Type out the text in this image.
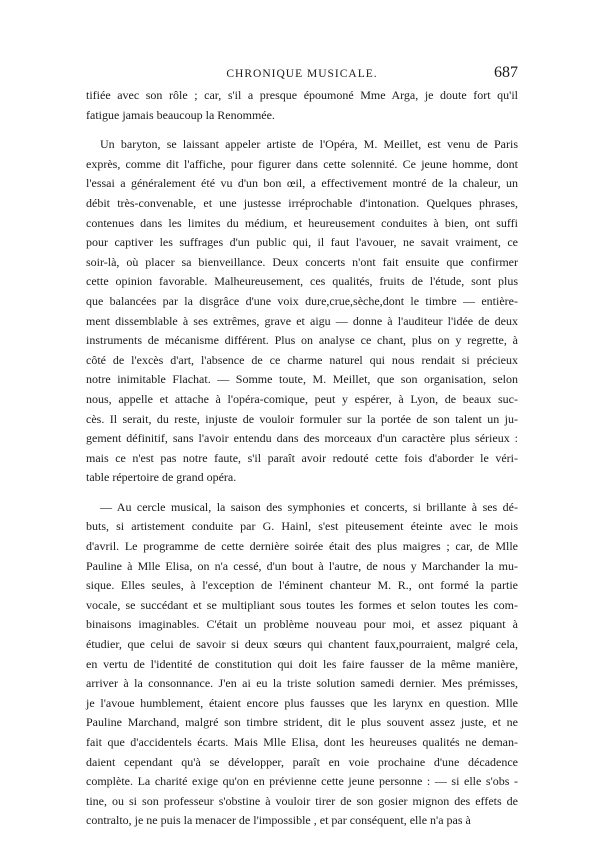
CHRONIQUE MUSICALE.	687

tifiée avec son rôle ; car, s'il a presque époumoné Mme Arga, je doute fort qu'il
fatigue jamais beaucoup la Renommée.

Un baryton, se laissant appeler artiste de l'Opéra, M. Meillet, est venu de Paris
exprès, comme dit l'affiche, pour figurer dans cette solennité. Ce jeune homme, dont
l'essai a généralement été vu d'un bon œil, a effectivement montré de la chaleur, un
débit très-convenable, et une justesse irréprochable d'intonation. Quelques phrases,
contenues dans les limites du médium, et heureusement conduites à bien, ont suffi
pour captiver les suffrages d'un public qui, il faut l'avouer, ne savait vraiment, ce
soir-là, où placer sa bienveillance. Deux concerts n'ont fait ensuite que confirmer
cette opinion favorable. Malheureusement, ces qualités, fruits de l'étude, sont plus
que balancées par la disgrâce d'une voix dure,crue,sèche,dont le timbre — entière-
ment dissemblable à ses extrêmes, grave et aigu — donne à l'auditeur l'idée de deux
instruments de mécanisme différent. Plus on analyse ce chant, plus on y regrette, à
côté de l'excès d'art, l'absence de ce charme naturel qui nous rendait si précieux
notre inimitable Flachat. — Somme toute, M. Meillet, que son organisation, selon
nous, appelle et attache à l'opéra-comique, peut y espérer, à Lyon, de beaux suc-
cès. Il serait, du reste, injuste de vouloir formuler sur la portée de son talent un ju-
gement définitif, sans l'avoir entendu dans des morceaux d'un caractère plus sérieux :
mais ce n'est pas notre faute, s'il paraît avoir redouté cette fois d'aborder le véri-
table répertoire de grand opéra.

— Au cercle musical, la saison des symphonies et concerts, si brillante à ses dé-
buts, si artistement conduite par G. Hainl, s'est piteusement éteinte avec le mois
d'avril. Le programme de cette dernière soirée était des plus maigres ; car, de Mlle
Pauline à Mlle Elisa, on n'a cessé, d'un bout à l'autre, de nous y Marchander la mu-
sique. Elles seules, à l'exception de l'éminent chanteur M. R., ont formé la partie
vocale, se succédant et se multipliant sous toutes les formes et selon toutes les com-
binaisons imaginables. C'était un problème nouveau pour moi, et assez piquant à
étudier, que celui de savoir si deux sœurs qui chantent faux,pourraient, malgré cela,
en vertu de l'identité de constitution qui doit les faire fausser de la même manière,
arriver à la consonnance. J'en ai eu la triste solution samedi dernier. Mes prémisses,
je l'avoue humblement, étaient encore plus fausses que les larynx en question. Mlle
Pauline Marchand, malgré son timbre strident, dit le plus souvent assez juste, et ne
fait que d'accidentels écarts. Mais Mlle Elisa, dont les heureuses qualités ne deman-
daient cependant qu'à se développer, paraît en voie prochaine d'une décadence
complète. La charité exige qu'on en prévienne cette jeune personne : — si elle s'obs -
tine, ou si son professeur s'obstine à vouloir tirer de son gosier mignon des effets de
contralto, je ne puis la menacer de l'impossible , et par conséquent, elle n'a pas à
